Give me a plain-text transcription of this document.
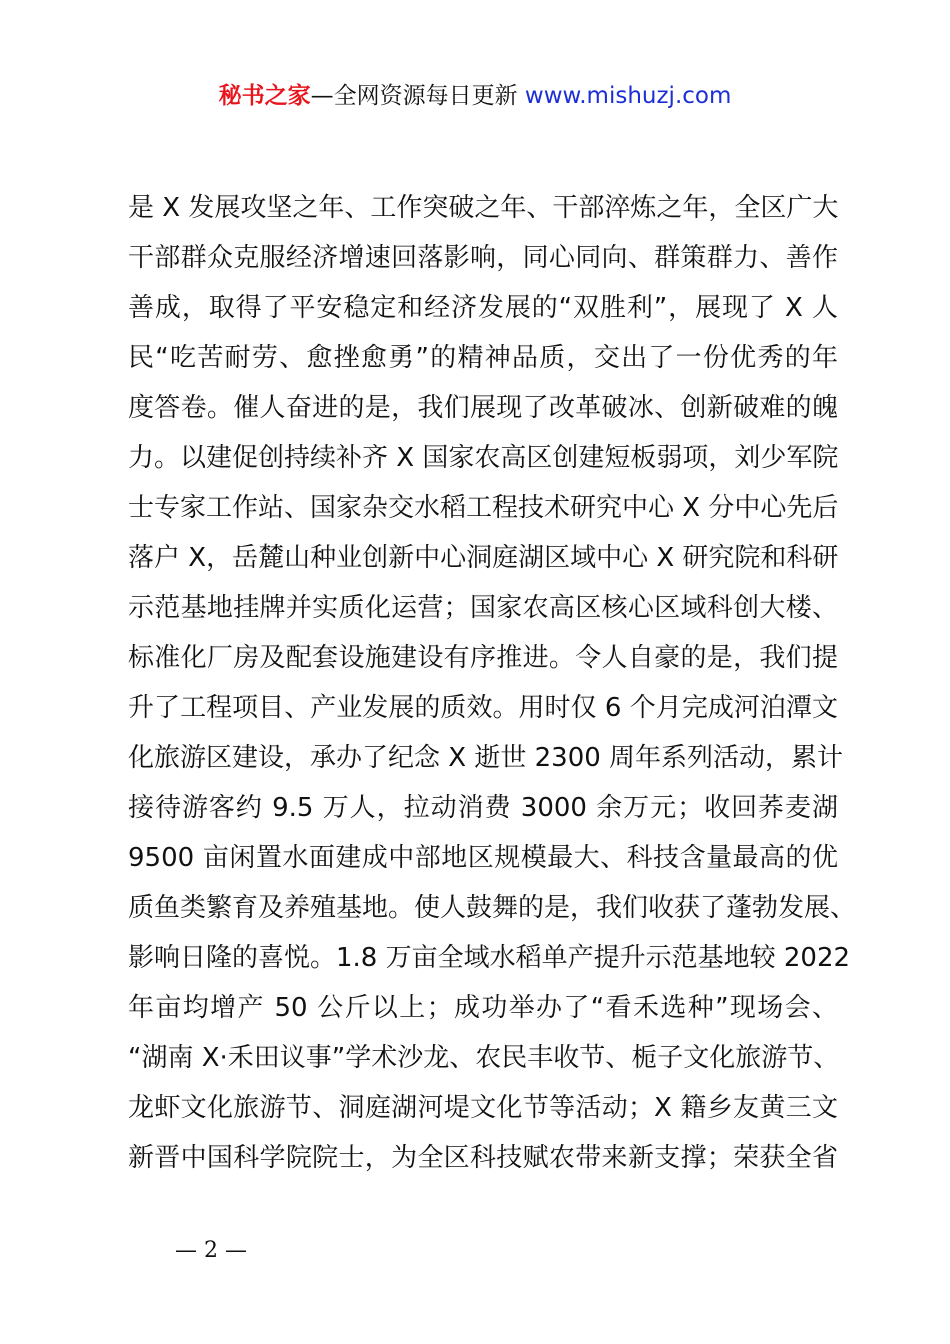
秘书之家—全网资源每日更新 www.mishuzj.com
是 X 发展攻坚之年、工作突破之年、干部淬炼之年，全区广大
干部群众克服经济增速回落影响，同心同向、群策群力、善作
善成，取得了平安稳定和经济发展的“双胜利”，展现了 X 人
民“吃苦耐劳、愈挫愈勇”的精神品质，交出了一份优秀的年
度答卷。催人奋进的是，我们展现了改革破冰、创新破难的魄
力。以建促创持续补齐 X 国家农高区创建短板弱项，刘少军院
士专家工作站、国家杂交水稻工程技术研究中心 X 分中心先后
落户 X，岳麓山种业创新中心洞庭湖区域中心 X 研究院和科研
示范基地挂牌并实质化运营；国家农高区核心区域科创大楼、
标准化厂房及配套设施建设有序推进。令人自豪的是，我们提
升了工程项目、产业发展的质效。用时仅 6 个月完成河泊潭文
化旅游区建设，承办了纪念 X 逝世 2300 周年系列活动，累计
接待游客约 9.5 万人，拉动消费 3000 余万元；收回荞麦湖
9500 亩闲置水面建成中部地区规模最大、科技含量最高的优
质鱼类繁育及养殖基地。使人鼓舞的是，我们收获了蓬勃发展、
影响日隆的喜悦。1.8 万亩全域水稻单产提升示范基地较 2022
年亩均增产 50 公斤以上；成功举办了“看禾选种”现场会、
“湖南 X·禾田议事”学术沙龙、农民丰收节、栀子文化旅游节、
龙虾文化旅游节、洞庭湖河堤文化节等活动；X 籍乡友黄三文
新晋中国科学院院士，为全区科技赋农带来新支撑；荣获全省
— 2 —
